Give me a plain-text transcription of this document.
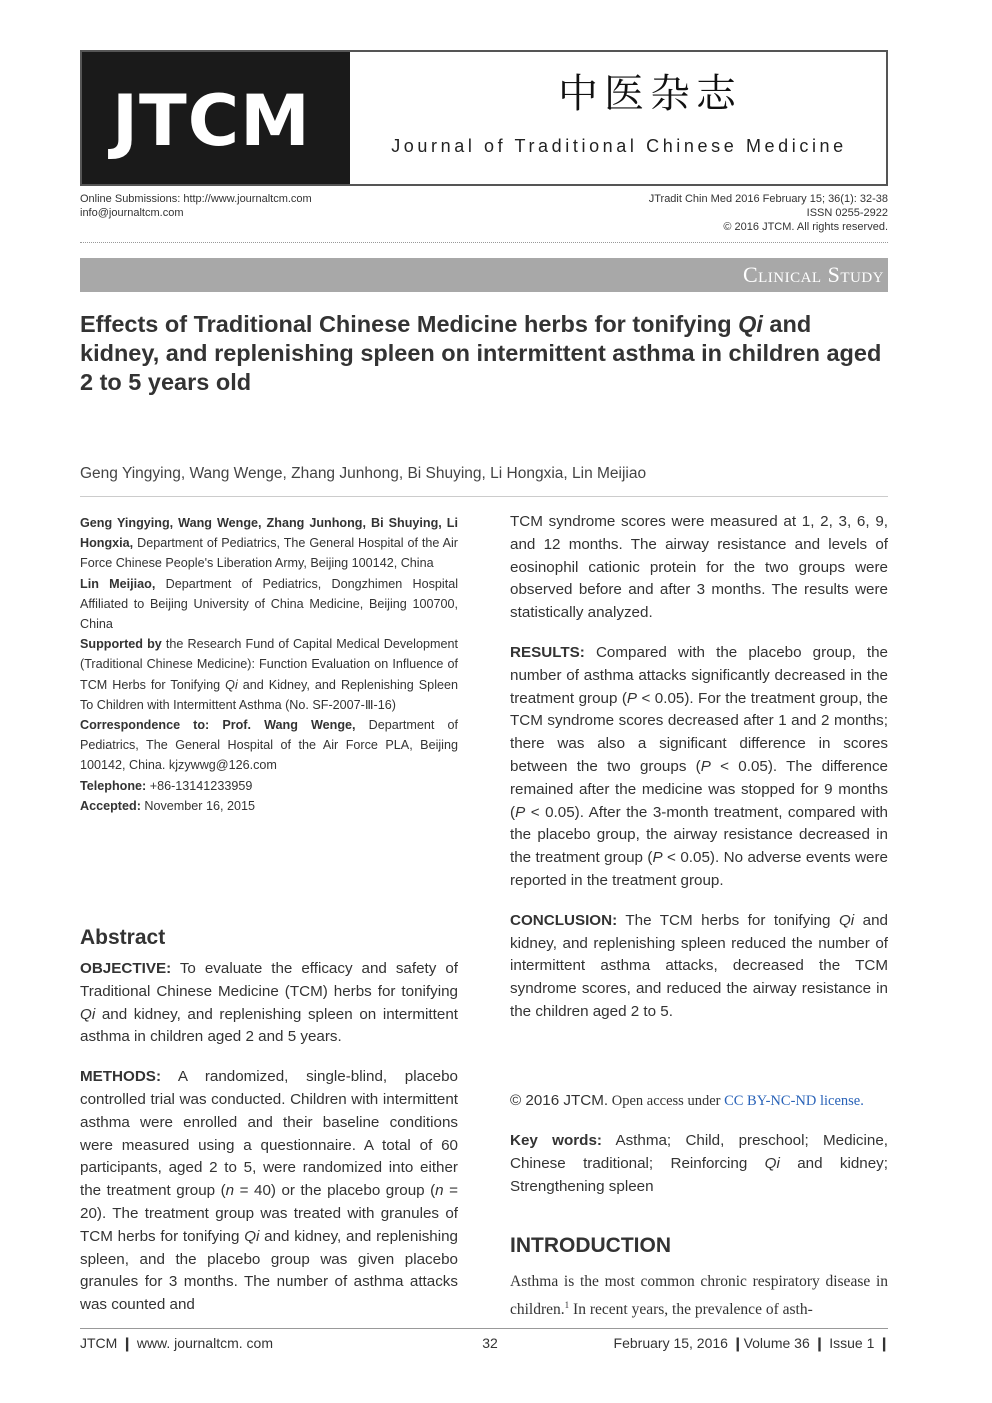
JTCM	中医杂志
Journal of Traditional Chinese Medicine
Online Submissions: http://www.journaltcm.com
info@journaltcm.com
JTradit Chin Med 2016 February 15; 36(1): 32-38
ISSN 0255-2922
© 2016 JTCM. All rights reserved.
Clinical Study
Effects of Traditional Chinese Medicine herbs for tonifying Qi and kidney, and replenishing spleen on intermittent asthma in children aged 2 to 5 years old
Geng Yingying, Wang Wenge, Zhang Junhong, Bi Shuying, Li Hongxia, Lin Meijiao

Geng Yingying, Wang Wenge, Zhang Junhong, Bi Shuying, Li Hongxia, Department of Pediatrics, The General Hospital of the Air Force Chinese People's Liberation Army, Beijing 100142, China

Lin Meijiao, Department of Pediatrics, Dongzhimen Hospital Affiliated to Beijing University of China Medicine, Beijing 100700, China

Supported by the Research Fund of Capital Medical Development (Traditional Chinese Medicine): Function Evaluation on Influence of TCM Herbs for Tonifying Qi and Kidney, and Replenishing Spleen To Children with Intermittent Asthma (No. SF-2007-Ⅲ-16)

Correspondence to: Prof. Wang Wenge, Department of Pediatrics, The General Hospital of the Air Force PLA, Beijing 100142, China. kjzywwg@126.com

Telephone: +86-13141233959

Accepted: November 16, 2015

Abstract

OBJECTIVE: To evaluate the efficacy and safety of Traditional Chinese Medicine (TCM) herbs for tonifying Qi and kidney, and replenishing spleen on intermittent asthma in children aged 2 and 5 years.

METHODS: A randomized, single-blind, placebo controlled trial was conducted. Children with intermittent asthma were enrolled and their baseline conditions were measured using a questionnaire. A total of 60 participants, aged 2 to 5, were randomized into either the treatment group (n = 40) or the placebo group (n = 20). The treatment group was treated with granules of TCM herbs for tonifying Qi and kidney, and replenishing spleen, and the placebo group was given placebo granules for 3 months. The number of asthma attacks was counted and

TCM syndrome scores were measured at 1, 2, 3, 6, 9, and 12 months. The airway resistance and levels of eosinophil cationic protein for the two groups were observed before and after 3 months. The results were statistically analyzed.

RESULTS: Compared with the placebo group, the number of asthma attacks significantly decreased in the treatment group (P < 0.05). For the treatment group, the TCM syndrome scores decreased after 1 and 2 months; there was also a significant difference in scores between the two groups (P < 0.05). The difference remained after the medicine was stopped for 9 months (P < 0.05). After the 3-month treatment, compared with the placebo group, the airway resistance decreased in the treatment group (P < 0.05). No adverse events were reported in the treatment group.

CONCLUSION: The TCM herbs for tonifying Qi and kidney, and replenishing spleen reduced the number of intermittent asthma attacks, decreased the TCM syndrome scores, and reduced the airway resistance in the children aged 2 to 5.

© 2016 JTCM. Open access under CC BY-NC-ND license.
Key words: Asthma; Child, preschool; Medicine, Chinese traditional; Reinforcing Qi and kidney; Strengthening spleen
INTRODUCTION
Asthma is the most common chronic respiratory disease in children.$^1$ In recent years, the prevalence of asth-
JTCM ❙ www. journaltcm. com	32	February 15, 2016 ❙Volume 36 ❙ Issue 1 ❙
